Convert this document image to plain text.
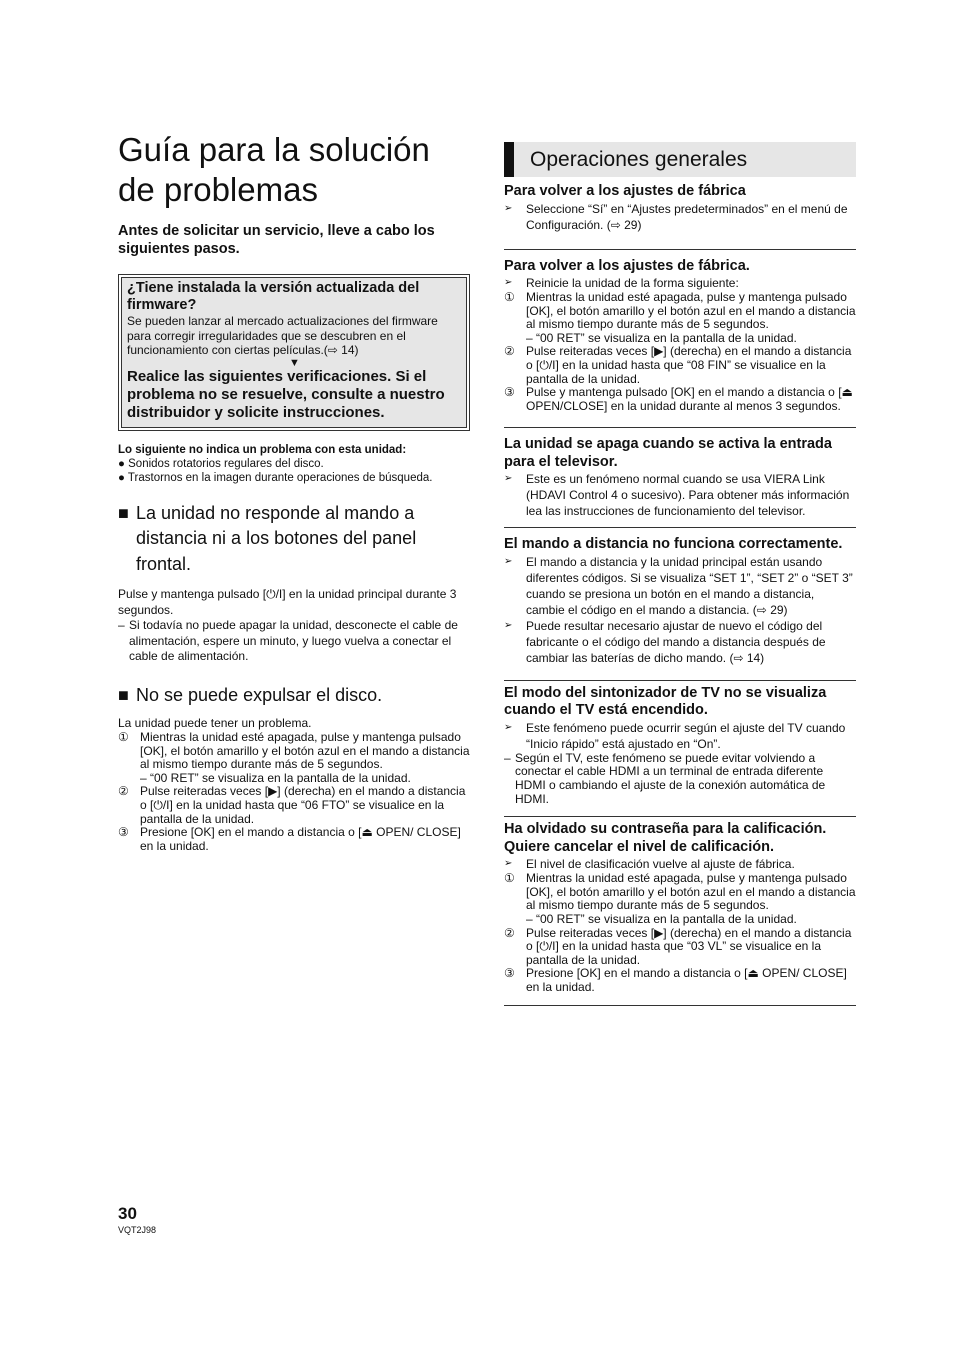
Guía para la solución de problemas
Antes de solicitar un servicio, lleve a cabo los siguientes pasos.
¿Tiene instalada la versión actualizada del firmware?
Se pueden lanzar al mercado actualizaciones del firmware para corregir irregularidades que se descubren en el funcionamiento con ciertas películas.(⇨ 14)
▼
Realice las siguientes verificaciones. Si el problema no se resuelve, consulte a nuestro distribuidor y solicite instrucciones.
Lo siguiente no indica un problema con esta unidad:
● Sonidos rotatorios regulares del disco.
● Trastornos en la imagen durante operaciones de búsqueda.
■ La unidad no responde al mando a distancia ni a los botones del panel frontal.
Pulse y mantenga pulsado [⏻/I] en la unidad principal durante 3 segundos.
– Si todavía no puede apagar la unidad, desconecte el cable de alimentación, espere un minuto, y luego vuelva a conectar el cable de alimentación.
■ No se puede expulsar el disco.
La unidad puede tener un problema.
① Mientras la unidad esté apagada, pulse y mantenga pulsado [OK], el botón amarillo y el botón azul en el mando a distancia al mismo tiempo durante más de 5 segundos.
– “00 RET” se visualiza en la pantalla de la unidad.
② Pulse reiteradas veces [▶] (derecha) en el mando a distancia o [⏻/I] en la unidad hasta que “06 FTO” se visualice en la pantalla de la unidad.
③ Presione [OK] en el mando a distancia o [⏏ OPEN/ CLOSE] en la unidad.
Operaciones generales
Para volver a los ajustes de fábrica
➢	Seleccione “Sí” en “Ajustes predeterminados” en el menú de Configuración. (⇨ 29)
Para volver a los ajustes de fábrica.
➢	Reinicie la unidad de la forma siguiente:
① Mientras la unidad esté apagada, pulse y mantenga pulsado [OK], el botón amarillo y el botón azul en el mando a distancia al mismo tiempo durante más de 5 segundos.
– “00 RET” se visualiza en la pantalla de la unidad.
② Pulse reiteradas veces [▶] (derecha) en el mando a distancia o [⏻/I] en la unidad hasta que “08 FIN” se visualice en la pantalla de la unidad.
③ Pulse y mantenga pulsado [OK] en el mando a distancia o [⏏ OPEN/CLOSE] en la unidad durante al menos 3 segundos.
La unidad se apaga cuando se activa la entrada para el televisor.
➢	Este es un fenómeno normal cuando se usa VIERA Link (HDAVI Control 4 o sucesivo). Para obtener más información lea las instrucciones de funcionamiento del televisor.
El mando a distancia no funciona correctamente.
➢	El mando a distancia y la unidad principal están usando diferentes códigos. Si se visualiza “SET 1”, “SET 2” o “SET 3” cuando se presiona un botón en el mando a distancia, cambie el código en el mando a distancia. (⇨ 29)
➢	Puede resultar necesario ajustar de nuevo el código del fabricante o el código del mando a distancia después de cambiar las baterías de dicho mando. (⇨ 14)
El modo del sintonizador de TV no se visualiza cuando el TV está encendido.
➢	Este fenómeno puede ocurrir según el ajuste del TV cuando “Inicio rápido” está ajustado en “On”.
– Según el TV, este fenómeno se puede evitar volviendo a conectar el cable HDMI a un terminal de entrada diferente HDMI o cambiando el ajuste de la conexión automática de HDMI.
Ha olvidado su contraseña para la calificación.
Quiere cancelar el nivel de calificación.
➢	El nivel de clasificación vuelve al ajuste de fábrica.
① Mientras la unidad esté apagada, pulse y mantenga pulsado [OK], el botón amarillo y el botón azul en el mando a distancia al mismo tiempo durante más de 5 segundos.
– “00 RET” se visualiza en la pantalla de la unidad.
② Pulse reiteradas veces [▶] (derecha) en el mando a distancia o [⏻/I] en la unidad hasta que “03 VL” se visualice en la pantalla de la unidad.
③ Presione [OK] en el mando a distancia o [⏏ OPEN/ CLOSE] en la unidad.
30
VQT2J98
